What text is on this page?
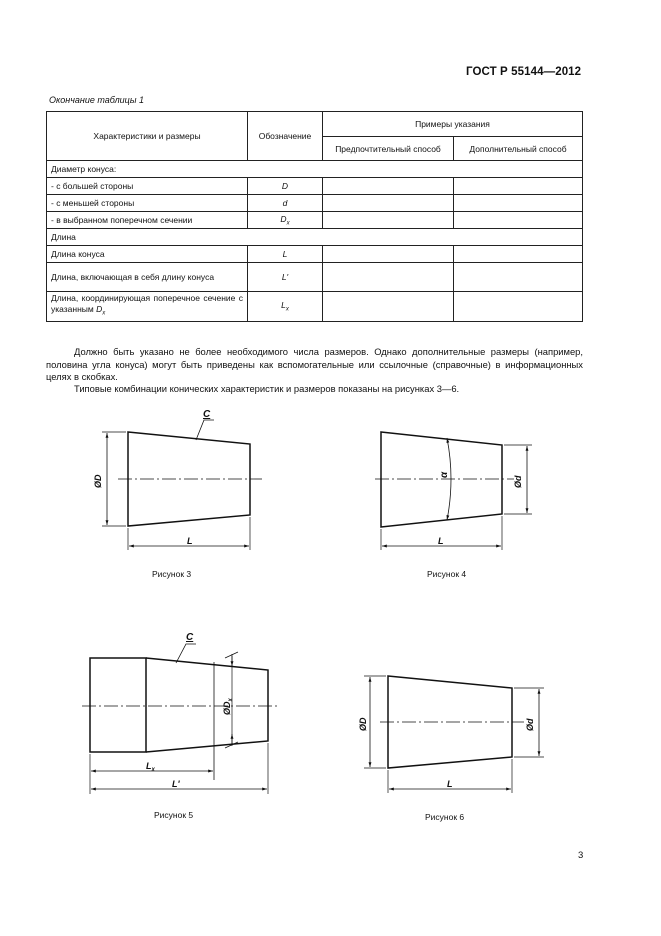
ГОСТ Р 55144—2012
Окончание таблицы 1
Характеристики и размеры	Обозначение	Примеры указания	
		Предпочтительный способ	Дополнительный способ
Диаметр конуса:			
- с большей стороны	D		
- с меньшей стороны	d		
- в выбранном поперечном сечении	$D_x$		
Длина			
Длина конуса	L		
Длина, включающая в себя длину конуса	L'		
Длина, координирующая поперечное сечение с указанным $D_x$	$L_x$		
Должно быть указано не более необходимого числа размеров. Однако дополнительные размеры (например, половина угла конуса) могут быть приведены как вспомогательные или ссылочные (справочные) в информационных целях в скобках.
Типовые комбинации конических характеристик и размеров показаны на рисунках 3—6.
C
ØD
L
Рисунок 3
α
Ød
L
Рисунок 4
C
$ØD_x$
$L_x$
L'
Рисунок 5
ØD	Ød
L
Рисунок 6
3
